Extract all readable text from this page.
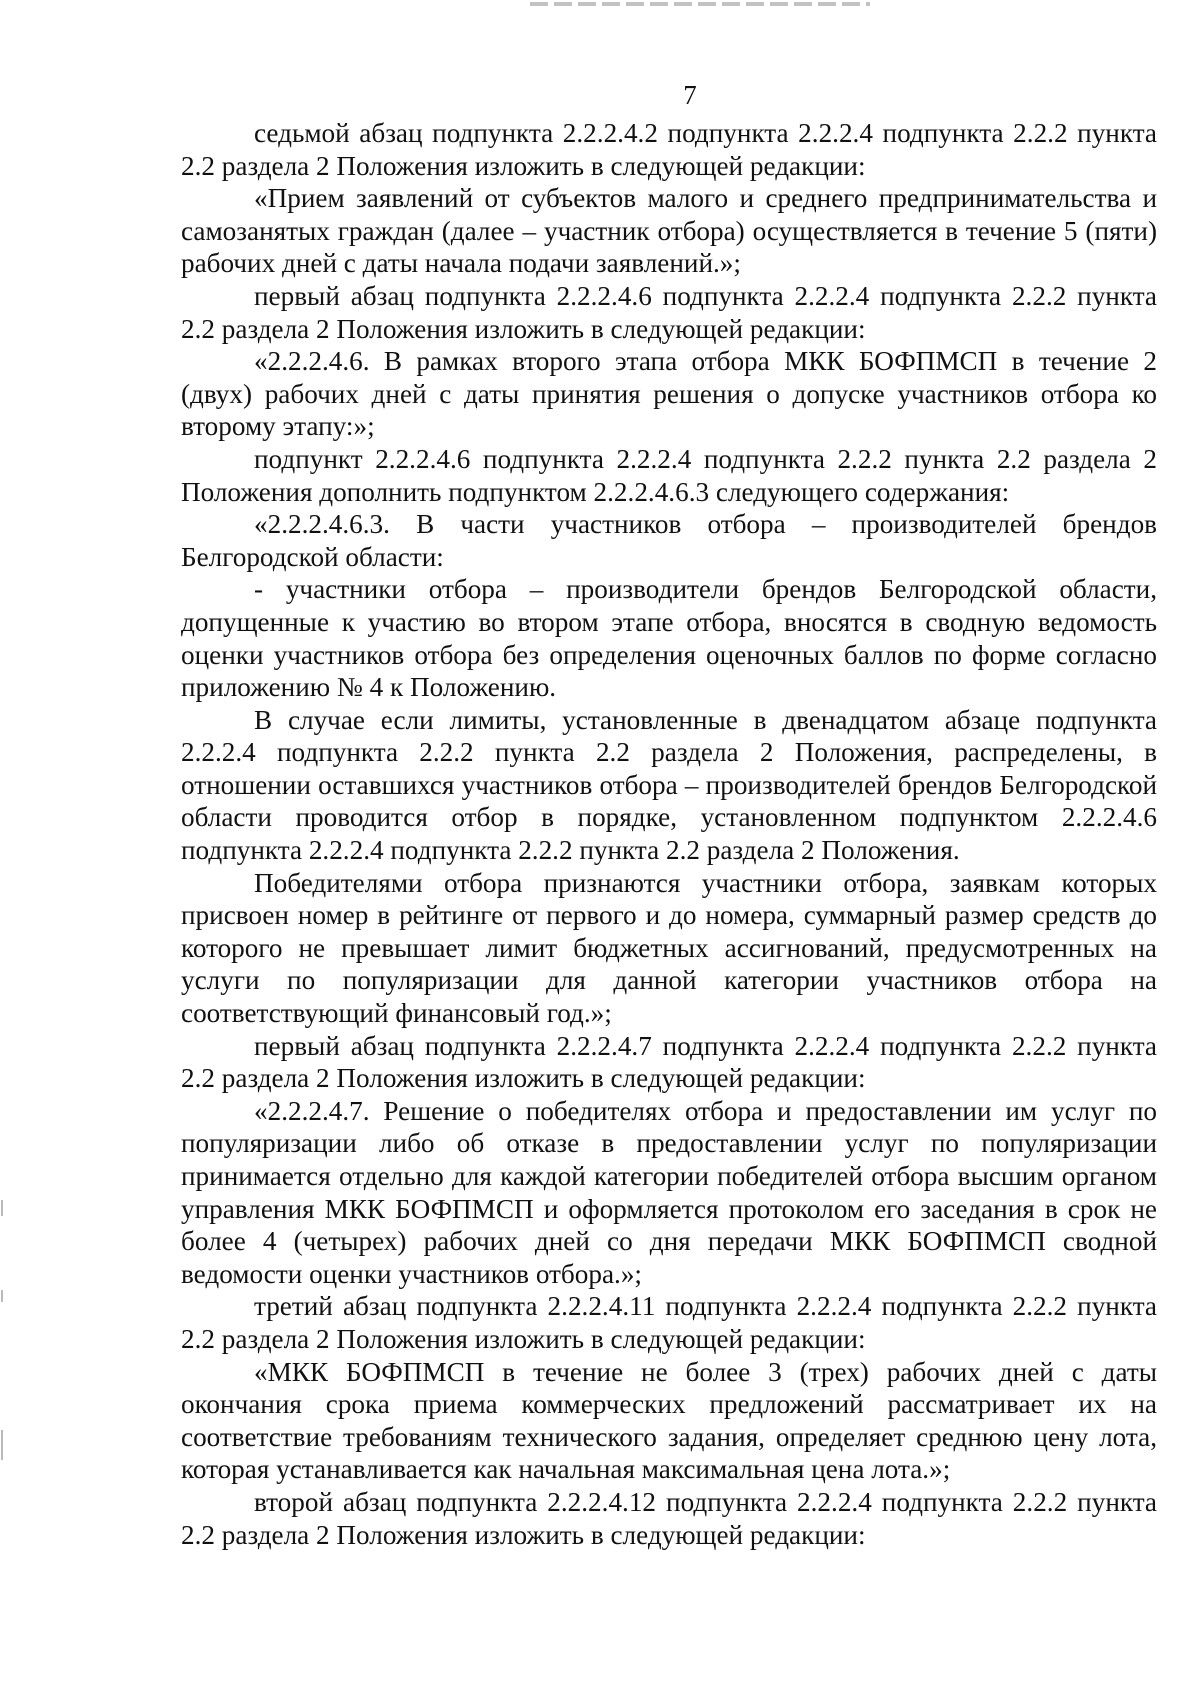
7

седьмой абзац подпункта 2.2.2.4.2 подпункта 2.2.2.4 подпункта 2.2.2 пункта 2.2 раздела 2 Положения изложить в следующей редакции:

«Прием заявлений от субъектов малого и среднего предпринимательства и самозанятых граждан (далее – участник отбора) осуществляется в течение 5 (пяти) рабочих дней с даты начала подачи заявлений.»;

первый абзац подпункта 2.2.2.4.6 подпункта 2.2.2.4 подпункта 2.2.2 пункта 2.2 раздела 2 Положения изложить в следующей редакции:

«2.2.2.4.6. В рамках второго этапа отбора МКК БОФПМСП в течение 2 (двух) рабочих дней с даты принятия решения о допуске участников отбора ко второму этапу:»;

подпункт 2.2.2.4.6 подпункта 2.2.2.4 подпункта 2.2.2 пункта 2.2 раздела 2 Положения дополнить подпунктом 2.2.2.4.6.3 следующего содержания:

«2.2.2.4.6.3. В части участников отбора – производителей брендов Белгородской области:

- участники отбора – производители брендов Белгородской области, допущенные к участию во втором этапе отбора, вносятся в сводную ведомость оценки участников отбора без определения оценочных баллов по форме согласно приложению № 4 к Положению.

В случае если лимиты, установленные в двенадцатом абзаце подпункта 2.2.2.4 подпункта 2.2.2 пункта 2.2 раздела 2 Положения, распределены, в отношении оставшихся участников отбора – производителей брендов Белгородской области проводится отбор в порядке, установленном подпунктом 2.2.2.4.6 подпункта 2.2.2.4 подпункта 2.2.2 пункта 2.2 раздела 2 Положения.

Победителями отбора признаются участники отбора, заявкам которых присвоен номер в рейтинге от первого и до номера, суммарный размер средств до которого не превышает лимит бюджетных ассигнований, предусмотренных на услуги по популяризации для данной категории участников отбора на соответствующий финансовый год.»;

первый абзац подпункта 2.2.2.4.7 подпункта 2.2.2.4 подпункта 2.2.2 пункта 2.2 раздела 2 Положения изложить в следующей редакции:

«2.2.2.4.7. Решение о победителях отбора и предоставлении им услуг по популяризации либо об отказе в предоставлении услуг по популяризации принимается отдельно для каждой категории победителей отбора высшим органом управления МКК БОФПМСП и оформляется протоколом его заседания в срок не более 4 (четырех) рабочих дней со дня передачи МКК БОФПМСП сводной ведомости оценки участников отбора.»;

третий абзац подпункта 2.2.2.4.11 подпункта 2.2.2.4 подпункта 2.2.2 пункта 2.2 раздела 2 Положения изложить в следующей редакции:

«МКК БОФПМСП в течение не более 3 (трех) рабочих дней с даты окончания срока приема коммерческих предложений рассматривает их на соответствие требованиям технического задания, определяет среднюю цену лота, которая устанавливается как начальная максимальная цена лота.»;

второй абзац подпункта 2.2.2.4.12 подпункта 2.2.2.4 подпункта 2.2.2 пункта 2.2 раздела 2 Положения изложить в следующей редакции:
